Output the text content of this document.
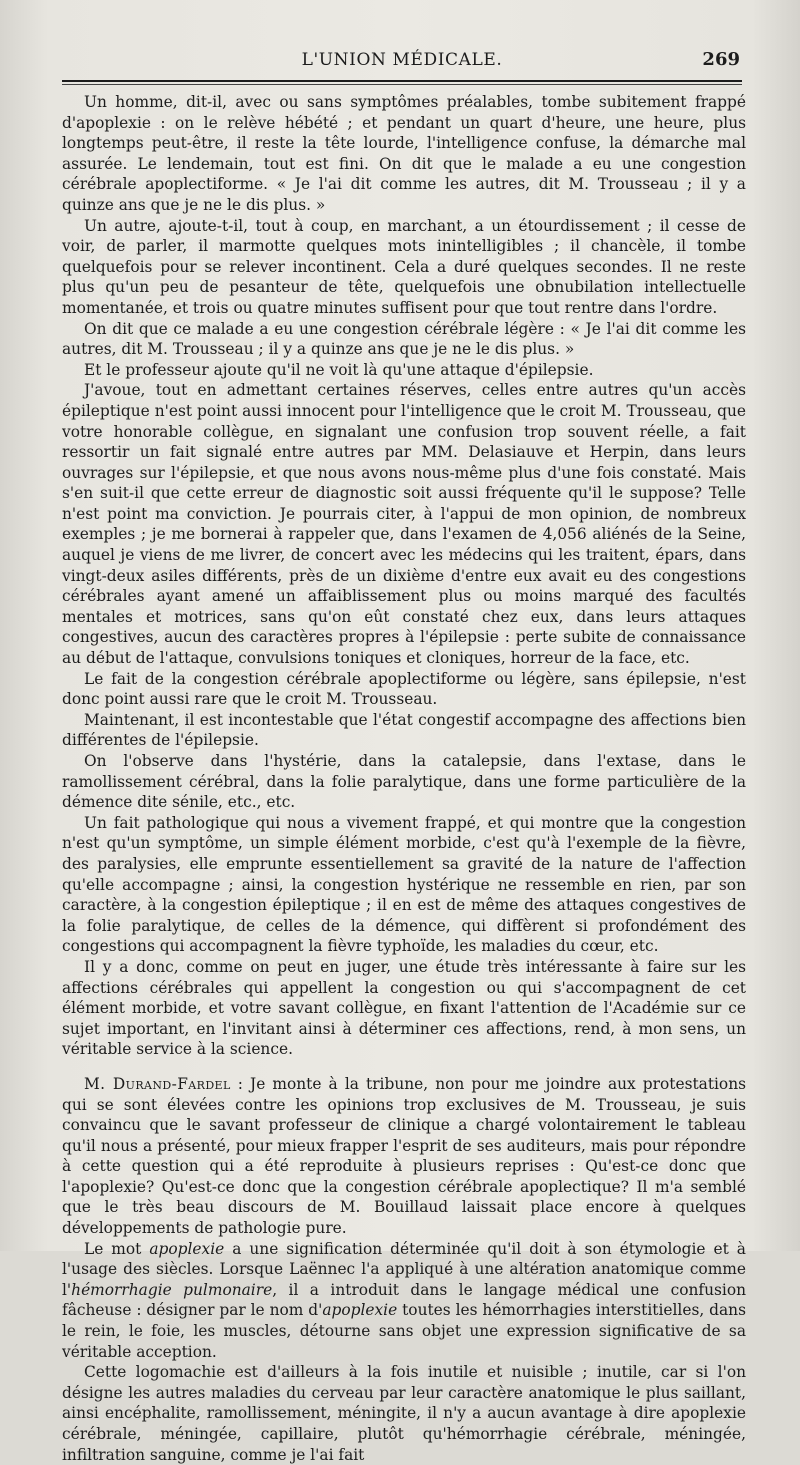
L'UNION MÉDICALE.	269

Un homme, dit-il, avec ou sans symptômes préalables, tombe subitement frappé d'apoplexie : on le relève hébété ; et pendant un quart d'heure, une heure, plus longtemps peut-être, il reste la tête lourde, l'intelligence confuse, la démarche mal assurée. Le lendemain, tout est fini. On dit que le malade a eu une congestion cérébrale apoplectiforme. « Je l'ai dit comme les autres, dit M. Trousseau ; il y a quinze ans que je ne le dis plus. »

Un autre, ajoute-t-il, tout à coup, en marchant, a un étourdissement ; il cesse de voir, de parler, il marmotte quelques mots inintelligibles ; il chancèle, il tombe quelquefois pour se relever incontinent. Cela a duré quelques secondes. Il ne reste plus qu'un peu de pesanteur de tête, quelquefois une obnubilation intellectuelle momentanée, et trois ou quatre minutes suffisent pour que tout rentre dans l'ordre.

On dit que ce malade a eu une congestion cérébrale légère : « Je l'ai dit comme les autres, dit M. Trousseau ; il y a quinze ans que je ne le dis plus. »

Et le professeur ajoute qu'il ne voit là qu'une attaque d'épilepsie.

J'avoue, tout en admettant certaines réserves, celles entre autres qu'un accès épileptique n'est point aussi innocent pour l'intelligence que le croit M. Trousseau, que votre honorable collègue, en signalant une confusion trop souvent réelle, a fait ressortir un fait signalé entre autres par MM. Delasiauve et Herpin, dans leurs ouvrages sur l'épilepsie, et que nous avons nous-même plus d'une fois constaté. Mais s'en suit-il que cette erreur de diagnostic soit aussi fréquente qu'il le suppose? Telle n'est point ma conviction. Je pourrais citer, à l'appui de mon opinion, de nombreux exemples ; je me bornerai à rappeler que, dans l'examen de 4,056 aliénés de la Seine, auquel je viens de me livrer, de concert avec les médecins qui les traitent, épars, dans vingt-deux asiles différents, près de un dixième d'entre eux avait eu des congestions cérébrales ayant amené un affaiblissement plus ou moins marqué des facultés mentales et motrices, sans qu'on eût constaté chez eux, dans leurs attaques congestives, aucun des caractères propres à l'épilepsie : perte subite de connaissance au début de l'attaque, convulsions toniques et cloniques, horreur de la face, etc.

Le fait de la congestion cérébrale apoplectiforme ou légère, sans épilepsie, n'est donc point aussi rare que le croit M. Trousseau.

Maintenant, il est incontestable que l'état congestif accompagne des affections bien différentes de l'épilepsie.

On l'observe dans l'hystérie, dans la catalepsie, dans l'extase, dans le ramollissement cérébral, dans la folie paralytique, dans une forme particulière de la démence dite sénile, etc., etc.

Un fait pathologique qui nous a vivement frappé, et qui montre que la congestion n'est qu'un symptôme, un simple élément morbide, c'est qu'à l'exemple de la fièvre, des paralysies, elle emprunte essentiellement sa gravité de la nature de l'affection qu'elle accompagne ; ainsi, la congestion hystérique ne ressemble en rien, par son caractère, à la congestion épileptique ; il en est de même des attaques congestives de la folie paralytique, de celles de la démence, qui diffèrent si profondément des congestions qui accompagnent la fièvre typhoïde, les maladies du cœur, etc.

Il y a donc, comme on peut en juger, une étude très intéressante à faire sur les affections cérébrales qui appellent la congestion ou qui s'accompagnent de cet élément morbide, et votre savant collègue, en fixant l'attention de l'Académie sur ce sujet important, en l'invitant ainsi à déterminer ces affections, rend, à mon sens, un véritable service à la science.

M. Durand-Fardel : Je monte à la tribune, non pour me joindre aux protestations qui se sont élevées contre les opinions trop exclusives de M. Trousseau, je suis convaincu que le savant professeur de clinique a chargé volontairement le tableau qu'il nous a présenté, pour mieux frapper l'esprit de ses auditeurs, mais pour répondre à cette question qui a été reproduite à plusieurs reprises : Qu'est-ce donc que l'apoplexie? Qu'est-ce donc que la congestion cérébrale apoplectique? Il m'a semblé que le très beau discours de M. Bouillaud laissait place encore à quelques développements de pathologie pure.

Le mot apoplexie a une signification déterminée qu'il doit à son étymologie et à l'usage des siècles. Lorsque Laënnec l'a appliqué à une altération anatomique comme l'hémorrhagie pulmonaire, il a introduit dans le langage médical une confusion fâcheuse : désigner par le nom d'apoplexie toutes les hémorrhagies interstitielles, dans le rein, le foie, les muscles, détourne sans objet une expression significative de sa véritable acception.

Cette logomachie est d'ailleurs à la fois inutile et nuisible ; inutile, car si l'on désigne les autres maladies du cerveau par leur caractère anatomique le plus saillant, ainsi encéphalite, ramollissement, méningite, il n'y a aucun avantage à dire apoplexie cérébrale, méningée, capillaire, plutôt qu'hémorrhagie cérébrale, méningée, infiltration sanguine, comme je l'ai fait
